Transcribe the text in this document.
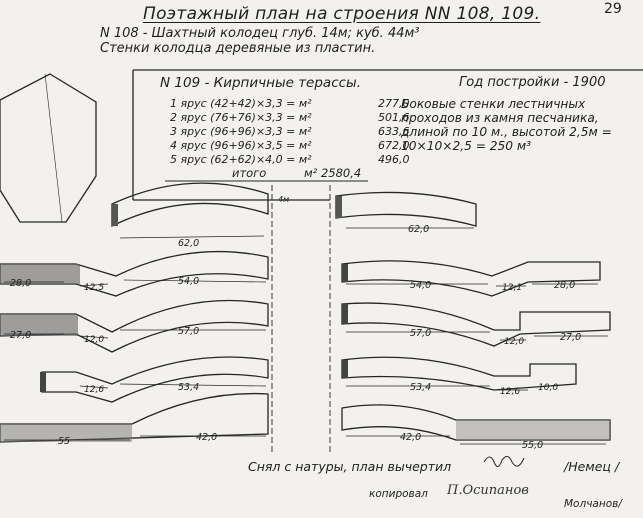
4м
62,0
28,0	12,5
54,0
27,0	12,0
57,0
12,6	53,4
55	42,0
62,0
54,0	12,1	28,0
57,0
12,0	27,0
53,4	12,6 10,0
42,0
55,0
Поэтажный план на строения NN 108, 109.	29
N 108 - Шахтный колодец глуб. 14м; куб. 44м³
Стенки колодца деревяные из пластин.
N 109 - Кирпичные терассы.	Год постройки - 1900
1 ярус (42+42)×3,3 = м²	277,0
2 ярус (76+76)×3,3 = м²	501,6
3 ярус (96+96)×3,3 = м²	633,6
4 ярус (96+96)×3,5 = м²	672,0
5 ярус (62+62)×4,0 = м²	496,0
итого	м² 2580,4
Боковые стенки лестничных
проходов из камня песчаника,
длиной по 10 м., высотой 2,5м =
10×10×2,5 = 250 м³
Снял с натуры, план вычертил	/Немец /
копировал П.Осипанов
Молчанов/
